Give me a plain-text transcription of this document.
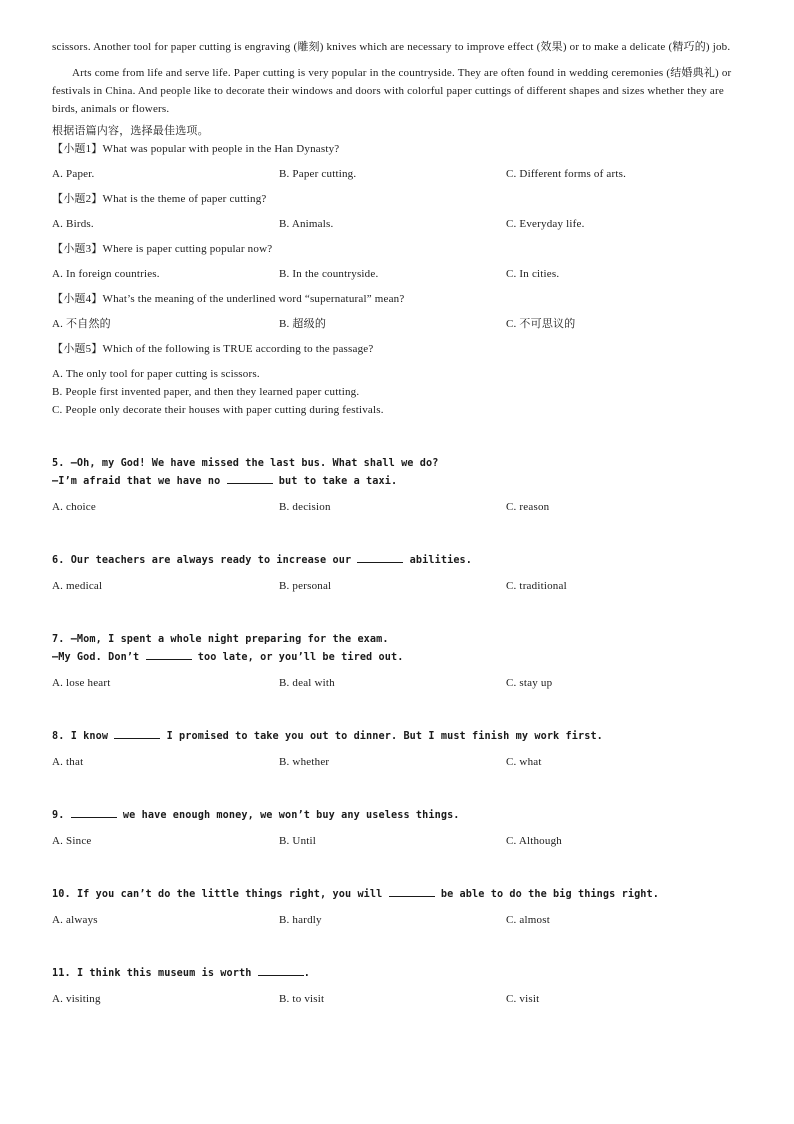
scissors. Another tool for paper cutting is engraving (雕刻) knives which are necessary to improve effect (效果) or to make a delicate (精巧的) job.

Arts come from life and serve life. Paper cutting is very popular in the countryside. They are often found in wedding ceremonies (结婚典礼) or festivals in China. And people like to decorate their windows and doors with colorful paper cuttings of different shapes and sizes whether they are birds, animals or flowers.

根据语篇内容，选择最佳选项。
【小题1】What was popular with people in the Han Dynasty?
A. Paper.	B. Paper cutting.	C. Different forms of arts.
【小题2】What is the theme of paper cutting?
A. Birds.	B. Animals.	C. Everyday life.
【小题3】Where is paper cutting popular now?
A. In foreign countries.	B. In the countryside.	C. In cities.
【小题4】What’s the meaning of the underlined word “supernatural” mean?
A. 不自然的	B. 超级的	C. 不可思议的
【小题5】Which of the following is TRUE according to the passage?
A. The only tool for paper cutting is scissors.
B. People first invented paper, and then they learned paper cutting.
C. People only decorate their houses with paper cutting during festivals.
5. —Oh, my God! We have missed the last bus. What shall we do?
—I’m afraid that we have no	but to take a taxi.
A. choice	B. decision	C. reason
6. Our teachers are always ready to increase our	abilities.
A. medical	B. personal	C. traditional
7. —Mom, I spent a whole night preparing for the exam.
—My God. Don’t	too late, or you’ll be tired out.
A. lose heart	B. deal with	C. stay up
8. I know	I promised to take you out to dinner. But I must finish my work first.
A. that	B. whether	C. what
9.	we have enough money, we won’t buy any useless things.
A. Since	B. Until	C. Although
10. If you can’t do the little things right, you will	be able to do the big things right.
A. always	B. hardly	C. almost
11. I think this museum is worth	.
A. visiting	B. to visit	C. visit
